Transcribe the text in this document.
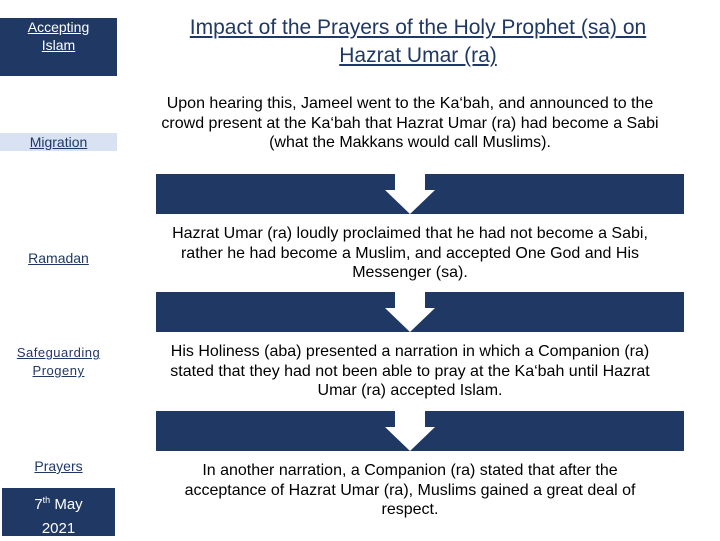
Accepting
Islam
Migration
Ramadan
Safeguarding
Progeny
Prayers
7th May
2021
Impact of the Prayers of the Holy Prophet (sa) on
Hazrat Umar (ra)
Upon hearing this, Jameel went to the Ka‘bah, and announced to the crowd present at the Ka‘bah that Hazrat Umar (ra) had become a Sabi (what the Makkans would call Muslims).
Hazrat Umar (ra) loudly proclaimed that he had not become a Sabi, rather he had become a Muslim, and accepted One God and His Messenger (sa).
His Holiness (aba) presented a narration in which a Companion (ra) stated that they had not been able to pray at the Ka‘bah until Hazrat Umar (ra) accepted Islam.
In another narration, a Companion (ra) stated that after the acceptance of Hazrat Umar (ra), Muslims gained a great deal of respect.
